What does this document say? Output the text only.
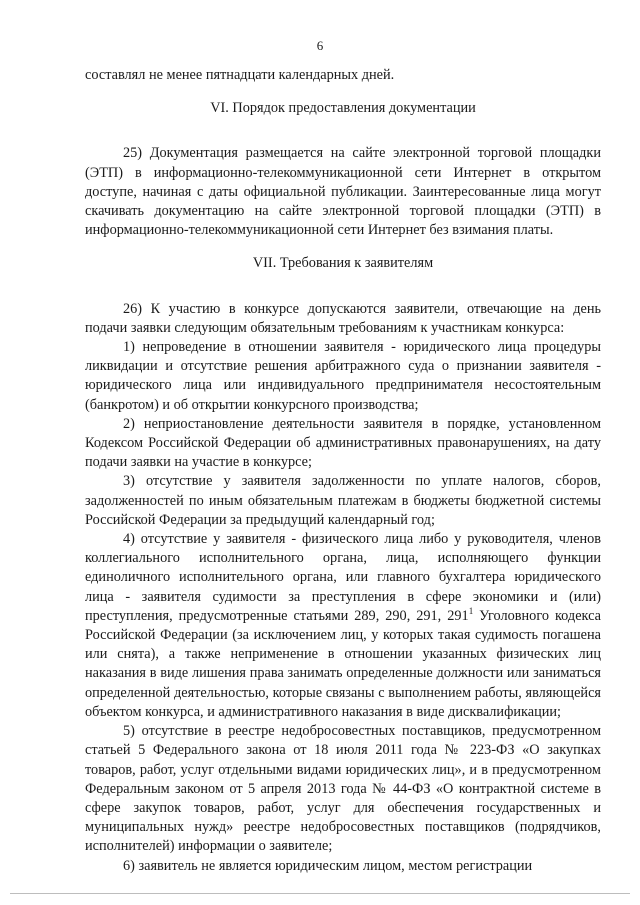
6

составлял не менее пятнадцати календарных дней.

VI. Порядок предоставления документации

25) Документация размещается на сайте электронной торговой площадки (ЭТП) в информационно-телекоммуникационной сети Интернет в открытом доступе, начиная с даты официальной публикации. Заинтересованные лица могут скачивать документацию на сайте электронной торговой площадки (ЭТП) в информационно-телекоммуникационной сети Интернет без взимания платы.

VII. Требования к заявителям

26) К участию в конкурсе допускаются заявители, отвечающие на день подачи заявки следующим обязательным требованиям к участникам конкурса:

1) непроведение в отношении заявителя - юридического лица процедуры ликвидации и отсутствие решения арбитражного суда о признании заявителя - юридического лица или индивидуального предпринимателя несостоятельным (банкротом) и об открытии конкурсного производства;

2) неприостановление деятельности заявителя в порядке, установленном Кодексом Российской Федерации об административных правонарушениях, на дату подачи заявки на участие в конкурсе;

3) отсутствие у заявителя задолженности по уплате налогов, сборов, задолженностей по иным обязательным платежам в бюджеты бюджетной системы Российской Федерации за предыдущий календарный год;

4) отсутствие у заявителя - физического лица либо у руководителя, членов коллегиального исполнительного органа, лица, исполняющего функции единоличного исполнительного органа, или главного бухгалтера юридического лица - заявителя судимости за преступления в сфере экономики и (или) преступления, предусмотренные статьями 289, 290, 291, $291^1$ Уголовного кодекса Российской Федерации (за исключением лиц, у которых такая судимость погашена или снята), а также неприменение в отношении указанных физических лиц наказания в виде лишения права занимать определенные должности или заниматься определенной деятельностью, которые связаны с выполнением работы, являющейся объектом конкурса, и административного наказания в виде дисквалификации;

5) отсутствие в реестре недобросовестных поставщиков, предусмотренном статьей 5 Федерального закона от 18 июля 2011 года № 223-ФЗ «О закупках товаров, работ, услуг отдельными видами юридических лиц», и в предусмотренном Федеральным законом от 5 апреля 2013 года № 44-ФЗ «О контрактной системе в сфере закупок товаров, работ, услуг для обеспечения государственных и муниципальных нужд» реестре недобросовестных поставщиков (подрядчиков, исполнителей) информации о заявителе;

6) заявитель не является юридическим лицом, местом регистрации
